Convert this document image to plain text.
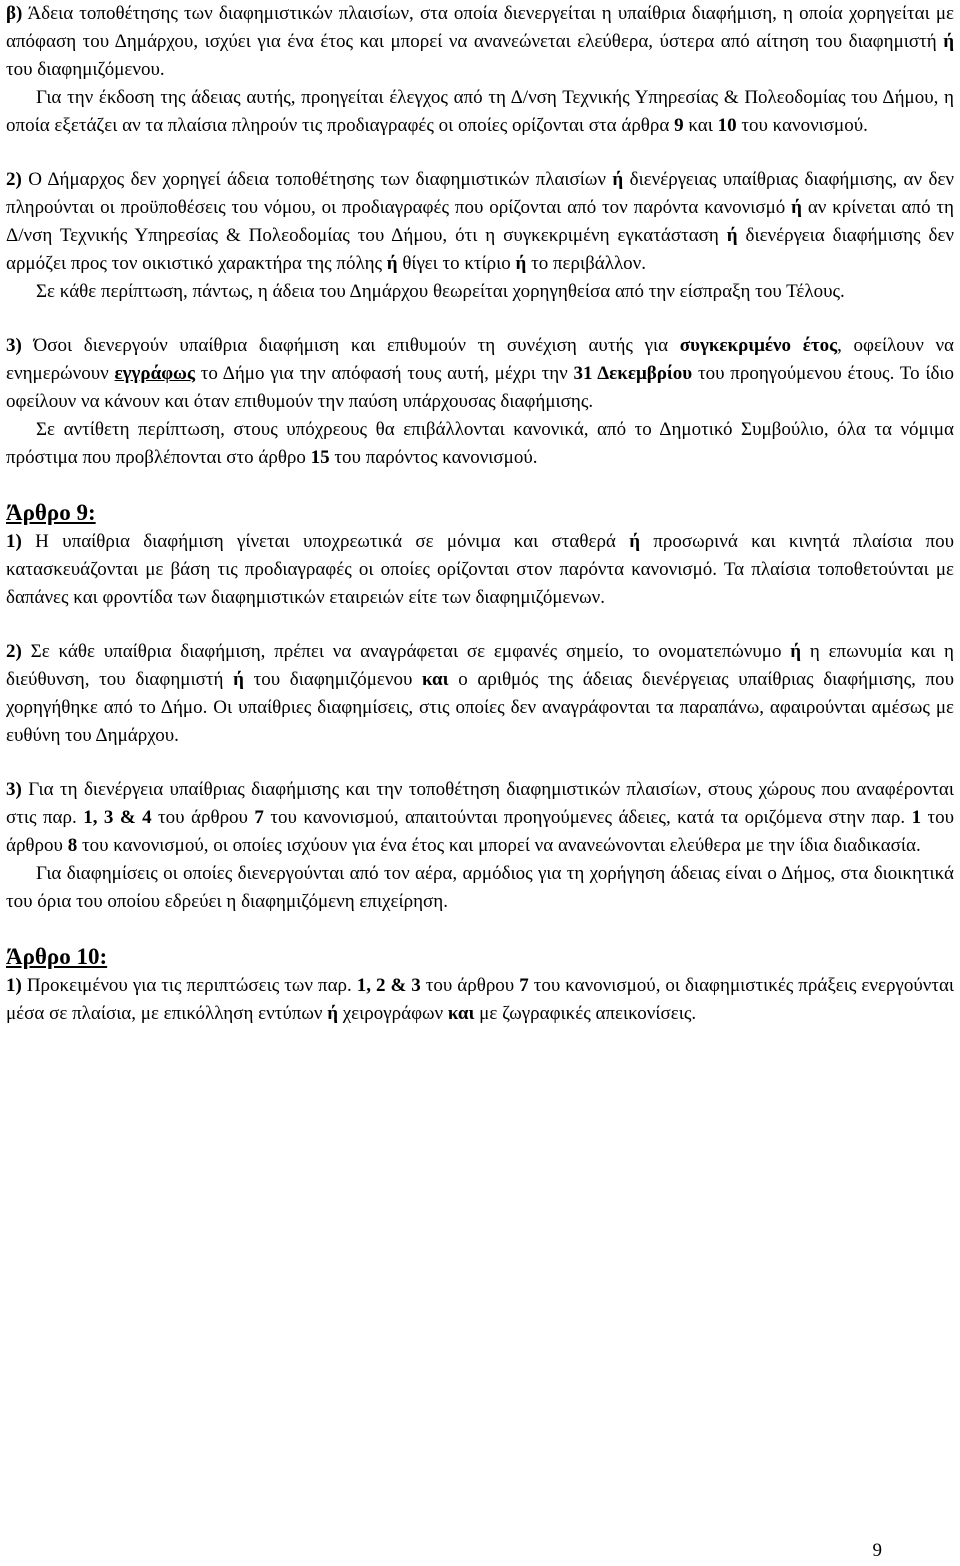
β) Άδεια τοποθέτησης των διαφημιστικών πλαισίων, στα οποία διενεργείται η υπαίθρια διαφήμιση, η οποία χορηγείται με απόφαση του Δημάρχου, ισχύει για ένα έτος και μπορεί να ανανεώνεται ελεύθερα, ύστερα από αίτηση του διαφημιστή ή του διαφημιζόμενου.

Για την έκδοση της άδειας αυτής, προηγείται έλεγχος από τη Δ/νση Τεχνικής Υπηρεσίας & Πολεοδομίας του Δήμου, η οποία εξετάζει αν τα πλαίσια πληρούν τις προδιαγραφές οι οποίες ορίζονται στα άρθρα 9 και 10 του κανονισμού.

2) Ο Δήμαρχος δεν χορηγεί άδεια τοποθέτησης των διαφημιστικών πλαισίων ή διενέργειας υπαίθριας διαφήμισης, αν δεν πληρούνται οι προϋποθέσεις του νόμου, οι προδιαγραφές που ορίζονται από τον παρόντα κανονισμό ή αν κρίνεται από τη Δ/νση Τεχνικής Υπηρεσίας & Πολεοδομίας του Δήμου, ότι η συγκεκριμένη εγκατάσταση ή διενέργεια διαφήμισης δεν αρμόζει προς τον οικιστικό χαρακτήρα της πόλης ή θίγει το κτίριο ή το περιβάλλον.

Σε κάθε περίπτωση, πάντως, η άδεια του Δημάρχου θεωρείται χορηγηθείσα από την είσπραξη του Τέλους.

3) Όσοι διενεργούν υπαίθρια διαφήμιση και επιθυμούν τη συνέχιση αυτής για συγκεκριμένο έτος, οφείλουν να ενημερώνουν εγγράφως το Δήμο για την απόφασή τους αυτή, μέχρι την 31 Δεκεμβρίου του προηγούμενου έτους. Το ίδιο οφείλουν να κάνουν και όταν επιθυμούν την παύση υπάρχουσας διαφήμισης.

Σε αντίθετη περίπτωση, στους υπόχρεους θα επιβάλλονται κανονικά, από το Δημοτικό Συμβούλιο, όλα τα νόμιμα πρόστιμα που προβλέπονται στο άρθρο 15 του παρόντος κανονισμού.

Άρθρο 9:

1) Η υπαίθρια διαφήμιση γίνεται υποχρεωτικά σε μόνιμα και σταθερά ή προσωρινά και κινητά πλαίσια που κατασκευάζονται με βάση τις προδιαγραφές οι οποίες ορίζονται στον παρόντα κανονισμό. Τα πλαίσια τοποθετούνται με δαπάνες και φροντίδα των διαφημιστικών εταιρειών είτε των διαφημιζόμενων.

2) Σε κάθε υπαίθρια διαφήμιση, πρέπει να αναγράφεται σε εμφανές σημείο, το ονοματεπώνυμο ή η επωνυμία και η διεύθυνση, του διαφημιστή ή του διαφημιζόμενου και ο αριθμός της άδειας διενέργειας υπαίθριας διαφήμισης, που χορηγήθηκε από το Δήμο. Οι υπαίθριες διαφημίσεις, στις οποίες δεν αναγράφονται τα παραπάνω, αφαιρούνται αμέσως με ευθύνη του Δημάρχου.

3) Για τη διενέργεια υπαίθριας διαφήμισης και την τοποθέτηση διαφημιστικών πλαισίων, στους χώρους που αναφέρονται στις παρ. 1, 3 & 4 του άρθρου 7 του κανονισμού, απαιτούνται προηγούμενες άδειες, κατά τα οριζόμενα στην παρ. 1 του άρθρου 8 του κανονισμού, οι οποίες ισχύουν για ένα έτος και μπορεί να ανανεώνονται ελεύθερα με την ίδια διαδικασία.

Για διαφημίσεις οι οποίες διενεργούνται από τον αέρα, αρμόδιος για τη χορήγηση άδειας είναι ο Δήμος, στα διοικητικά του όρια του οποίου εδρεύει η διαφημιζόμενη επιχείρηση.

Άρθρο 10:

1) Προκειμένου για τις περιπτώσεις των παρ. 1, 2 & 3 του άρθρου 7 του κανονισμού, οι διαφημιστικές πράξεις ενεργούνται μέσα σε πλαίσια, με επικόλληση εντύπων ή χειρογράφων και με ζωγραφικές απεικονίσεις.

9
